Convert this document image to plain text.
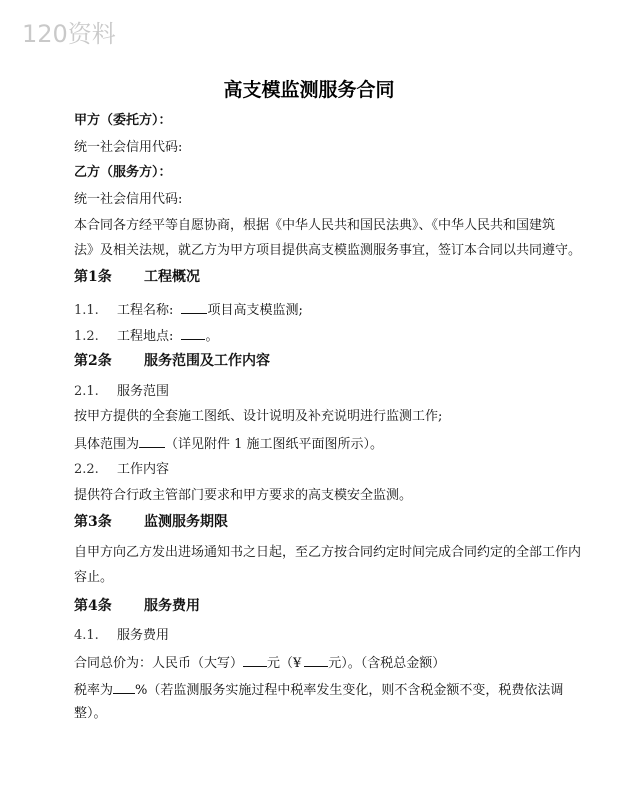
120资料
高支模监测服务合同
甲方（委托方）：
统一社会信用代码:
乙方（服务方）：
统一社会信用代码:
本合同各方经平等自愿协商，根据《中华人民共和国民法典》、《中华人民共和国建筑
法》及相关法规，就乙方为甲方项目提供高支模监测服务事宜，签订本合同以共同遵守。
第1条 工程概况
1.1. 工程名称:	项目高支模监测;
1.2. 工程地点: 。
第2条 服务范围及工作内容
2.1. 服务范围
按甲方提供的全套施工图纸、设计说明及补充说明进行监测工作;
具体范围为 （详见附件 1 施工图纸平面图所示）。
2.2. 工作内容
提供符合行政主管部门要求和甲方要求的高支模安全监测。
第3条 监测服务期限
自甲方向乙方发出进场通知书之日起，至乙方按合同约定时间完成合同约定的全部工作内
容止。
第4条 服务费用
4.1. 服务费用
合同总价为：人民币（大写） 元（¥ 元）。（含税总金额）
税率为 %（若监测服务实施过程中税率发生变化，则不含税金额不变，税费依法调
整）。
